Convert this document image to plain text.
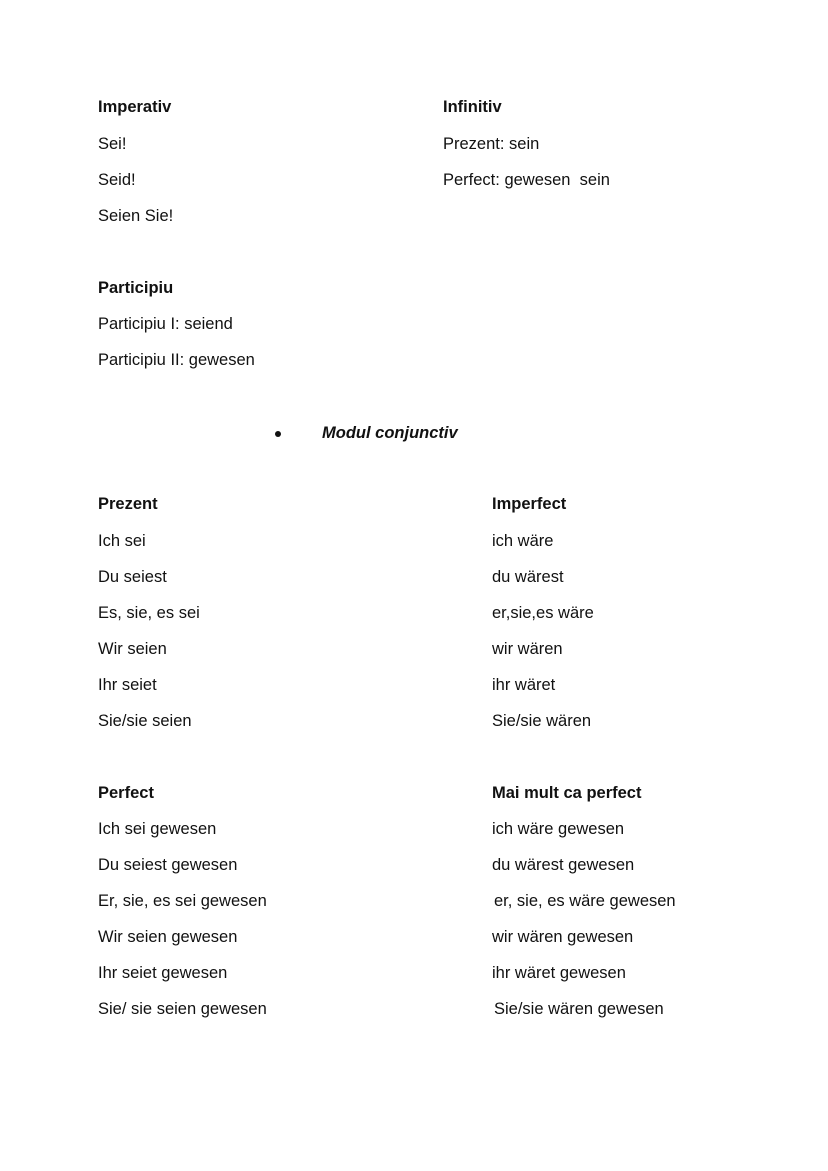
Imperativ
Sei!
Seid!
Seien Sie!
Infinitiv
Prezent: sein
Perfect: gewesen  sein
Participiu
Participiu I: seiend
Participiu II: gewesen
Modul conjunctiv
Prezent
Ich sei
Du seiest
Es, sie, es sei
Wir seien
Ihr seiet
Sie/sie seien
Imperfect
ich wäre
du wärest
er,sie,es wäre
wir wären
ihr wäret
Sie/sie wären
Perfect
Ich sei gewesen
Du seiest gewesen
Er, sie, es sei gewesen
Wir seien gewesen
Ihr seiet gewesen
Sie/ sie seien gewesen
Mai mult ca perfect
ich wäre gewesen
du wärest gewesen
er, sie, es wäre gewesen
wir wären gewesen
ihr wäret gewesen
Sie/sie wären gewesen
